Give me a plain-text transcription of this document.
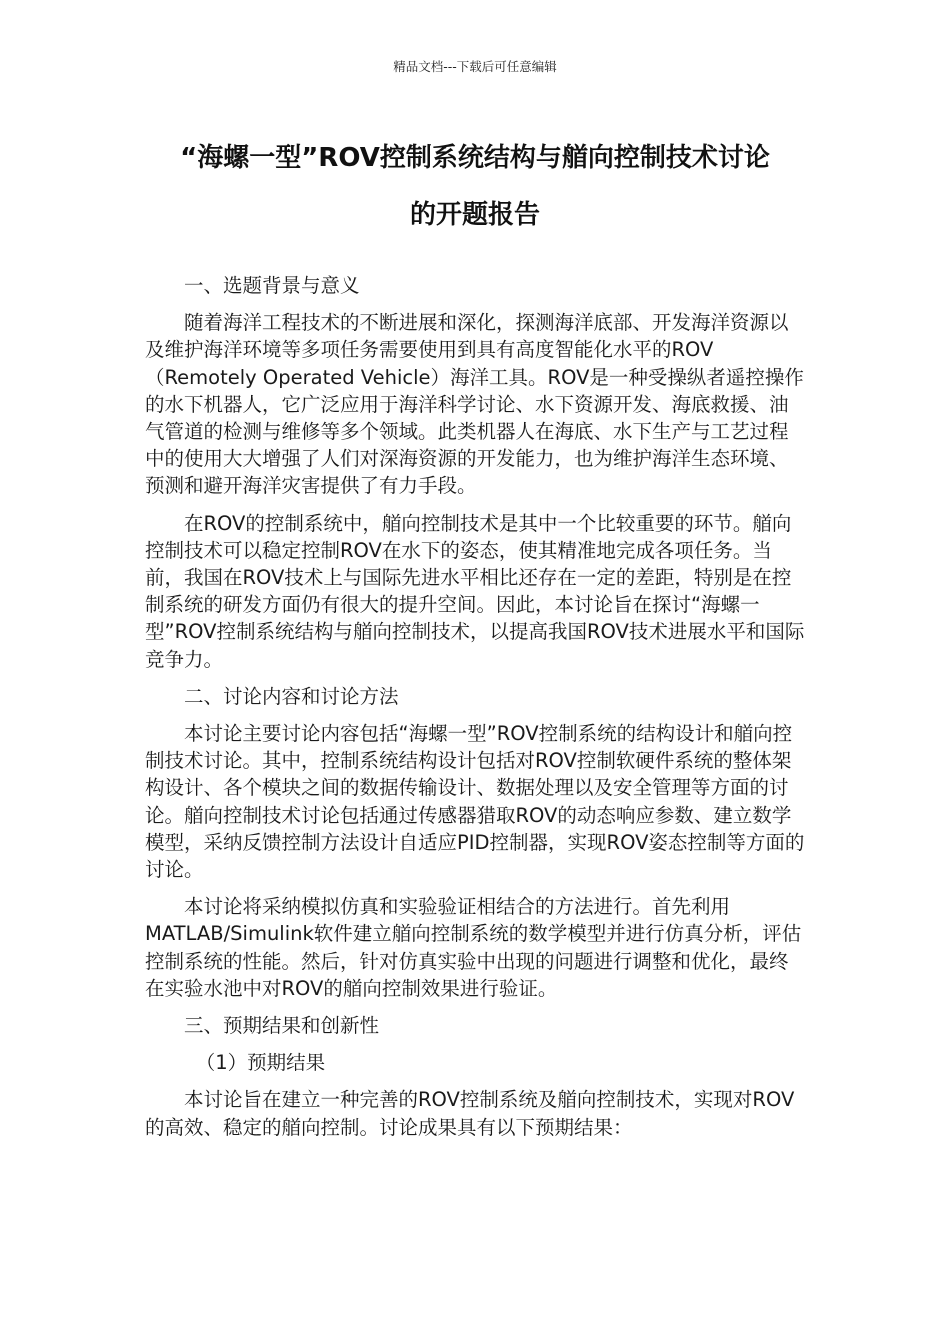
精品文档---下载后可任意编辑
“海螺一型”ROV控制系统结构与艏向控制技术讨论
的开题报告

一、选题背景与意义

随着海洋工程技术的不断进展和深化，探测海洋底部、开发海洋资源以及维护海洋环境等多项任务需要使用到具有高度智能化水平的ROV（Remotely Operated Vehicle）海洋工具。ROV是一种受操纵者遥控操作的水下机器人，它广泛应用于海洋科学讨论、水下资源开发、海底救援、油气管道的检测与维修等多个领域。此类机器人在海底、水下生产与工艺过程中的使用大大增强了人们对深海资源的开发能力，也为维护海洋生态环境、预测和避开海洋灾害提供了有力手段。

在ROV的控制系统中，艏向控制技术是其中一个比较重要的环节。艏向控制技术可以稳定控制ROV在水下的姿态，使其精准地完成各项任务。当前，我国在ROV技术上与国际先进水平相比还存在一定的差距，特别是在控制系统的研发方面仍有很大的提升空间。因此，本讨论旨在探讨“海螺一型”ROV控制系统结构与艏向控制技术，以提高我国ROV技术进展水平和国际竞争力。

二、讨论内容和讨论方法

本讨论主要讨论内容包括“海螺一型”ROV控制系统的结构设计和艏向控制技术讨论。其中，控制系统结构设计包括对ROV控制软硬件系统的整体架构设计、各个模块之间的数据传输设计、数据处理以及安全管理等方面的讨论。艏向控制技术讨论包括通过传感器猎取ROV的动态响应参数、建立数学模型，采纳反馈控制方法设计自适应PID控制器，实现ROV姿态控制等方面的讨论。

本讨论将采纳模拟仿真和实验验证相结合的方法进行。首先利用MATLAB/Simulink软件建立艏向控制系统的数学模型并进行仿真分析，评估控制系统的性能。然后，针对仿真实验中出现的问题进行调整和优化，最终在实验水池中对ROV的艏向控制效果进行验证。

三、预期结果和创新性

（1）预期结果

本讨论旨在建立一种完善的ROV控制系统及艏向控制技术，实现对ROV的高效、稳定的艏向控制。讨论成果具有以下预期结果：
